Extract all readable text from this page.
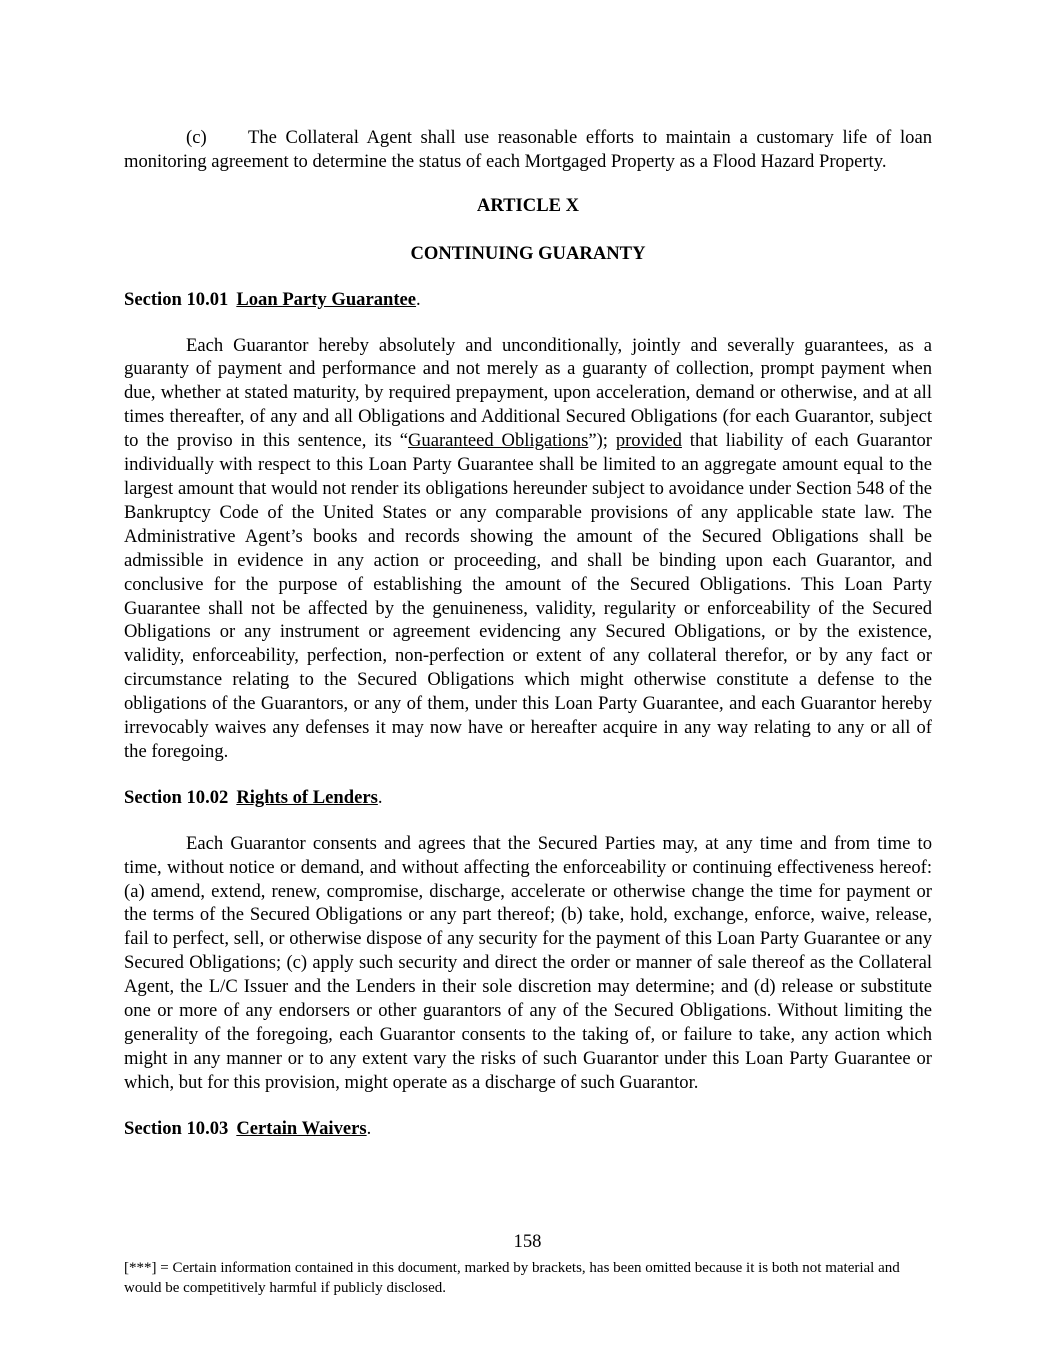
(c) The Collateral Agent shall use reasonable efforts to maintain a customary life of loan monitoring agreement to determine the status of each Mortgaged Property as a Flood Hazard Property.

ARTICLE X

CONTINUING GUARANTY

Section 10.01 Loan Party Guarantee.

Each Guarantor hereby absolutely and unconditionally, jointly and severally guarantees, as a guaranty of payment and performance and not merely as a guaranty of collection, prompt payment when due, whether at stated maturity, by required prepayment, upon acceleration, demand or otherwise, and at all times thereafter, of any and all Obligations and Additional Secured Obligations (for each Guarantor, subject to the proviso in this sentence, its “Guaranteed Obligations”); provided that liability of each Guarantor individually with respect to this Loan Party Guarantee shall be limited to an aggregate amount equal to the largest amount that would not render its obligations hereunder subject to avoidance under Section 548 of the Bankruptcy Code of the United States or any comparable provisions of any applicable state law. The Administrative Agent’s books and records showing the amount of the Secured Obligations shall be admissible in evidence in any action or proceeding, and shall be binding upon each Guarantor, and conclusive for the purpose of establishing the amount of the Secured Obligations. This Loan Party Guarantee shall not be affected by the genuineness, validity, regularity or enforceability of the Secured Obligations or any instrument or agreement evidencing any Secured Obligations, or by the existence, validity, enforceability, perfection, non-perfection or extent of any collateral therefor, or by any fact or circumstance relating to the Secured Obligations which might otherwise constitute a defense to the obligations of the Guarantors, or any of them, under this Loan Party Guarantee, and each Guarantor hereby irrevocably waives any defenses it may now have or hereafter acquire in any way relating to any or all of the foregoing.

Section 10.02 Rights of Lenders.

Each Guarantor consents and agrees that the Secured Parties may, at any time and from time to time, without notice or demand, and without affecting the enforceability or continuing effectiveness hereof: (a) amend, extend, renew, compromise, discharge, accelerate or otherwise change the time for payment or the terms of the Secured Obligations or any part thereof; (b) take, hold, exchange, enforce, waive, release, fail to perfect, sell, or otherwise dispose of any security for the payment of this Loan Party Guarantee or any Secured Obligations; (c) apply such security and direct the order or manner of sale thereof as the Collateral Agent, the L/C Issuer and the Lenders in their sole discretion may determine; and (d) release or substitute one or more of any endorsers or other guarantors of any of the Secured Obligations. Without limiting the generality of the foregoing, each Guarantor consents to the taking of, or failure to take, any action which might in any manner or to any extent vary the risks of such Guarantor under this Loan Party Guarantee or which, but for this provision, might operate as a discharge of such Guarantor.

Section 10.03 Certain Waivers.

158
[***] = Certain information contained in this document, marked by brackets, has been omitted because it is both not material and would be competitively harmful if publicly disclosed.
